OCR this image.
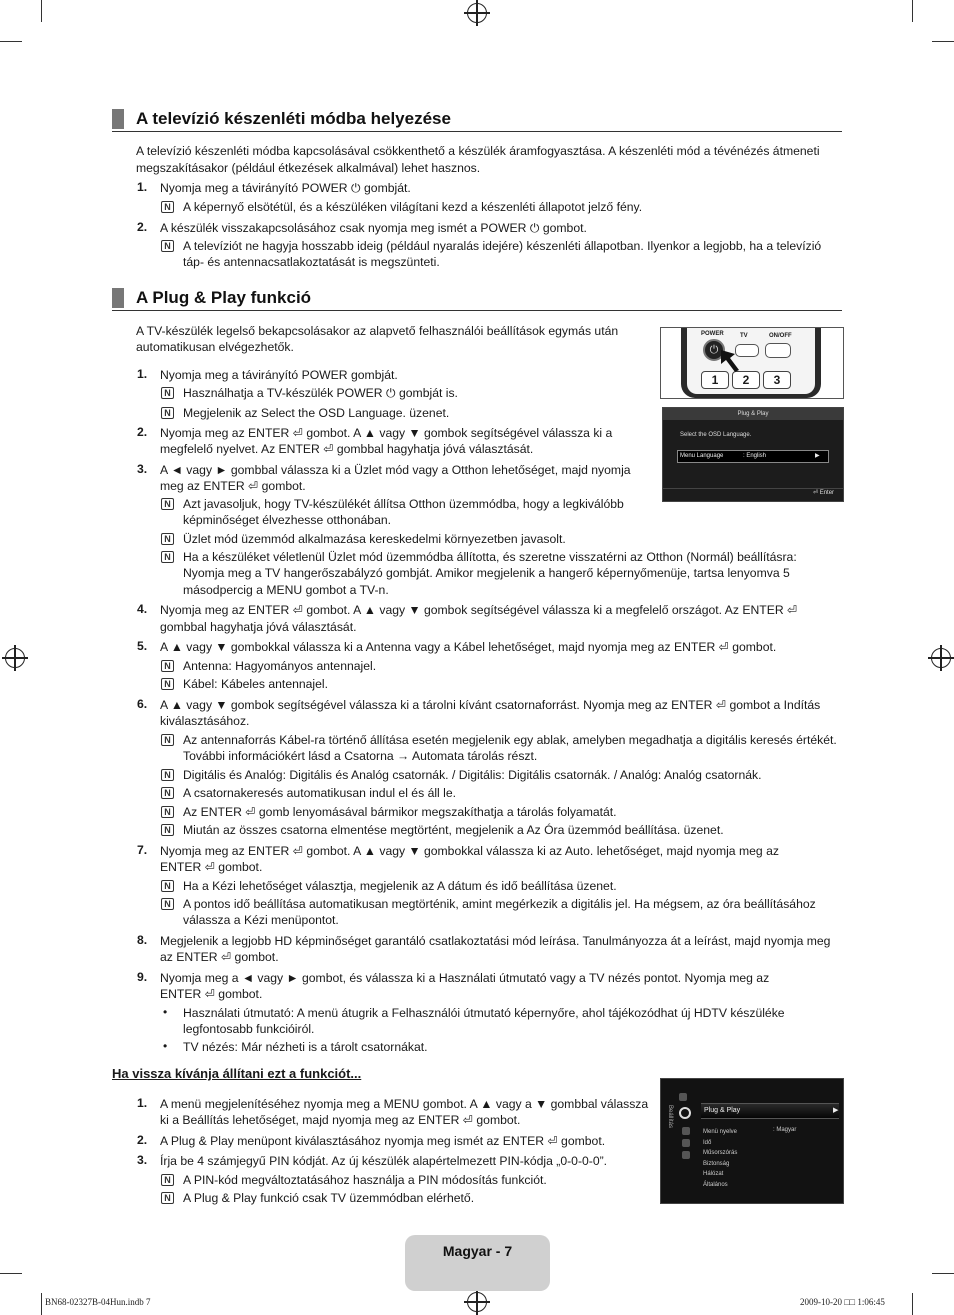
A televízió készenléti módba helyezése
A televízió készenléti módba kapcsolásával csökkenthető a készülék áramfogyasztása. A készenléti mód a tévénézés átmeneti
megszakításakor (például étkezések alkalmával) lehet hasznos.
1. Nyomja meg a távirányító POWER ⏻ gombját.
N A képernyő elsötétül, és a készüléken világítani kezd a készenléti állapotot jelző fény.
2. A készülék visszakapcsolásához csak nyomja meg ismét a POWER ⏻ gombot.
N A televíziót ne hagyja hosszabb ideig (például nyaralás idejére) készenléti állapotban. Ilyenkor a legjobb, ha a televízió
táp- és antennacsatlakoztatását is megszünteti.
A Plug & Play funkció
A TV-készülék legelső bekapcsolásakor az alapvető felhasználói beállítások egymás után
automatikusan elvégezhetők.
1. Nyomja meg a távirányító POWER gombját.
N Használhatja a TV-készülék POWER ⏻ gombját is.
N Megjelenik az Select the OSD Language. üzenet.
2. Nyomja meg az ENTER ⏎ gombot. A ▲ vagy ▼ gombok segítségével válassza ki a
megfelelő nyelvet. Az ENTER ⏎ gombbal hagyhatja jóvá választását.
3. A ◄ vagy ► gombbal válassza ki a Üzlet mód vagy a Otthon lehetőséget, majd nyomja
meg az ENTER ⏎ gombot.
N Azt javasoljuk, hogy TV-készülékét állítsa Otthon üzemmódba, hogy a legkiválóbb
képminőséget élvezhesse otthonában.
N Üzlet mód üzemmód alkalmazása kereskedelmi környezetben javasolt.
N Ha a készüléket véletlenül Üzlet mód üzemmódba állította, és szeretne visszatérni az Otthon (Normál) beállításra:
Nyomja meg a TV hangerőszabályzó gombját. Amikor megjelenik a hangerő képernyőmenüje, tartsa lenyomva 5
másodpercig a MENU gombot a TV-n.
4. Nyomja meg az ENTER ⏎ gombot. A ▲ vagy ▼ gombok segítségével válassza ki a megfelelő országot. Az ENTER ⏎
gombbal hagyhatja jóvá választását.
5. A ▲ vagy ▼ gombokkal válassza ki a Antenna vagy a Kábel lehetőséget, majd nyomja meg az ENTER ⏎ gombot.
N Antenna: Hagyományos antennajel.
N Kábel: Kábeles antennajel.
6. A ▲ vagy ▼ gombok segítségével válassza ki a tárolni kívánt csatornaforrást. Nyomja meg az ENTER ⏎ gombot a Indítás
kiválasztásához.
N Az antennaforrás Kábel-ra történő állítása esetén megjelenik egy ablak, amelyben megadhatja a digitális keresés értékét.
További információkért lásd a Csatorna → Automata tárolás részt.
N Digitális és Analóg: Digitális és Analóg csatornák. / Digitális: Digitális csatornák. / Analóg: Analóg csatornák.
N A csatornakeresés automatikusan indul el és áll le.
N Az ENTER ⏎ gomb lenyomásával bármikor megszakíthatja a tárolás folyamatát.
N Miután az összes csatorna elmentése megtörtént, megjelenik a Az Óra üzemmód beállítása. üzenet.
7. Nyomja meg az ENTER ⏎ gombot. A ▲ vagy ▼ gombokkal válassza ki az Auto. lehetőséget, majd nyomja meg az
ENTER ⏎ gombot.
N Ha a Kézi lehetőséget választja, megjelenik az A dátum és idő beállítása üzenet.
N A pontos idő beállítása automatikusan megtörténik, amint megérkezik a digitális jel. Ha mégsem, az óra beállításához
válassza a Kézi menüpontot.
8. Megjelenik a legjobb HD képminőséget garantáló csatlakoztatási mód leírása. Tanulmányozza át a leírást, majd nyomja meg
az ENTER ⏎ gombot.
9. Nyomja meg a ◄ vagy ► gombot, és válassza ki a Használati útmutató vagy a TV nézés pontot. Nyomja meg az
ENTER ⏎ gombot.
• Használati útmutató: A menü átugrik a Felhasználói útmutató képernyőre, ahol tájékozódhat új HDTV készüléke
legfontosabb funkcióiról.
• TV nézés: Már nézheti is a tárolt csatornákat.
POWER	TV	ON/OFF
⏻
1	2	3
Plug & Play
Select the OSD Language.
Menu Language	: English	▶
⏎ Enter
Ha vissza kívánja állítani ezt a funkciót...
1. A menü megjelenítéséhez nyomja meg a MENU gombot. A ▲ vagy a ▼ gombbal válassza
ki a Beállítás lehetőséget, majd nyomja meg az ENTER ⏎ gombot.
2. A Plug & Play menüpont kiválasztásához nyomja meg ismét az ENTER ⏎ gombot.
3. Írja be 4 számjegyű PIN kódját. Az új készülék alapértelmezett PIN-kódja „0-0-0-0”.
N A PIN-kód megváltoztatásához használja a PIN módosítás funkciót.
N A Plug & Play funkció csak TV üzemmódban elérhető.
Beállítás	Plug & Play	▶
Menü nyelve
Idő
Műsorszórás
Biztonság
Hálózat
Általános
: Magyar
Magyar - 7
BN68-02327B-04Hun.indb 7	2009-10-20 □□ 1:06:45
